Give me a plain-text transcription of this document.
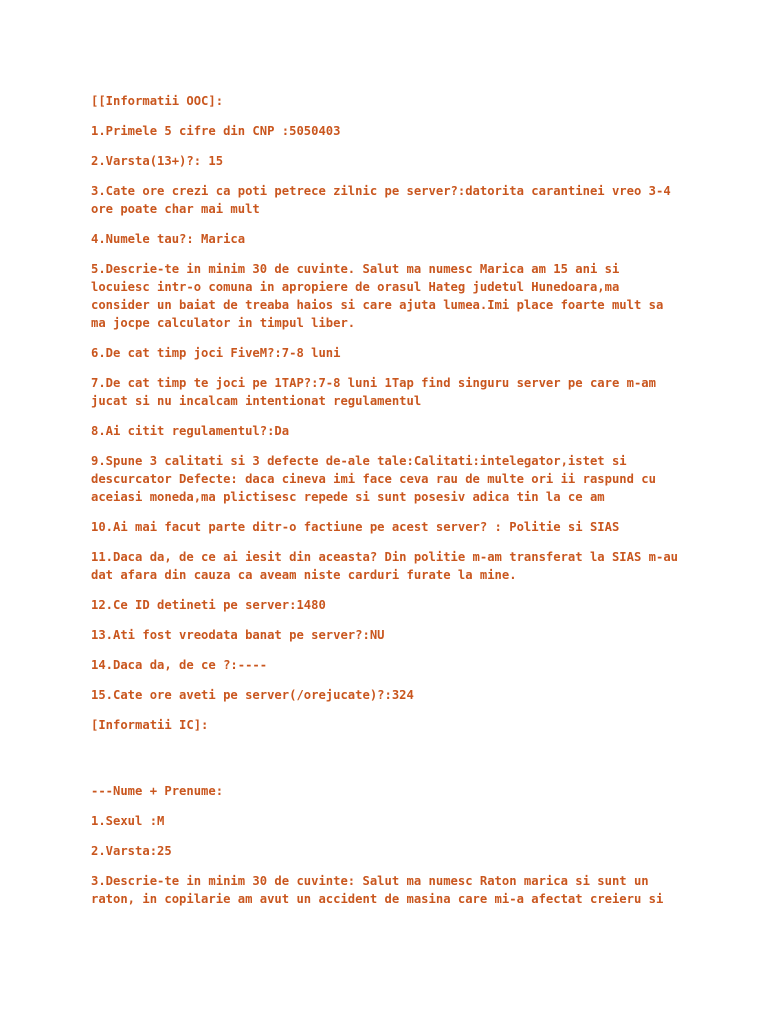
[[Informatii OOC]:

1.Primele 5 cifre din CNP :5050403

2.Varsta(13+)?: 15

3.Cate ore crezi ca poti petrece zilnic pe server?:datorita carantinei vreo 3-4 ore poate char mai mult

4.Numele tau?: Marica

5.Descrie-te in minim 30 de cuvinte. Salut ma numesc Marica am 15 ani si locuiesc intr-o comuna in apropiere de orasul Hateg judetul Hunedoara,ma consider un baiat de treaba haios si care ajuta lumea.Imi place foarte mult sa ma jocpe calculator in timpul liber.

6.De cat timp joci FiveM?:7-8 luni

7.De cat timp te joci pe 1TAP?:7-8 luni 1Tap find singuru server pe care m-am jucat si nu incalcam intentionat regulamentul

8.Ai citit regulamentul?:Da

9.Spune 3 calitati si 3 defecte de-ale tale:Calitati:intelegator,istet si descurcator Defecte: daca cineva imi face ceva rau de multe ori ii raspund cu aceiasi moneda,ma plictisesc repede si sunt posesiv adica tin la ce am

10.Ai mai facut parte ditr-o factiune pe acest server? : Politie si SIAS

11.Daca da, de ce ai iesit din aceasta? Din politie m-am transferat la SIAS m-au dat afara din cauza ca aveam niste carduri furate la mine.

12.Ce ID detineti pe server:1480

13.Ati fost vreodata banat pe server?:NU

14.Daca da, de ce ?:----

15.Cate ore aveti pe server(/orejucate)?:324

[Informatii IC]:

---Nume + Prenume:

1.Sexul :M

2.Varsta:25

3.Descrie-te in minim 30 de cuvinte: Salut ma numesc Raton marica si sunt un raton, in copilarie am avut un accident de masina care mi-a afectat creieru si
